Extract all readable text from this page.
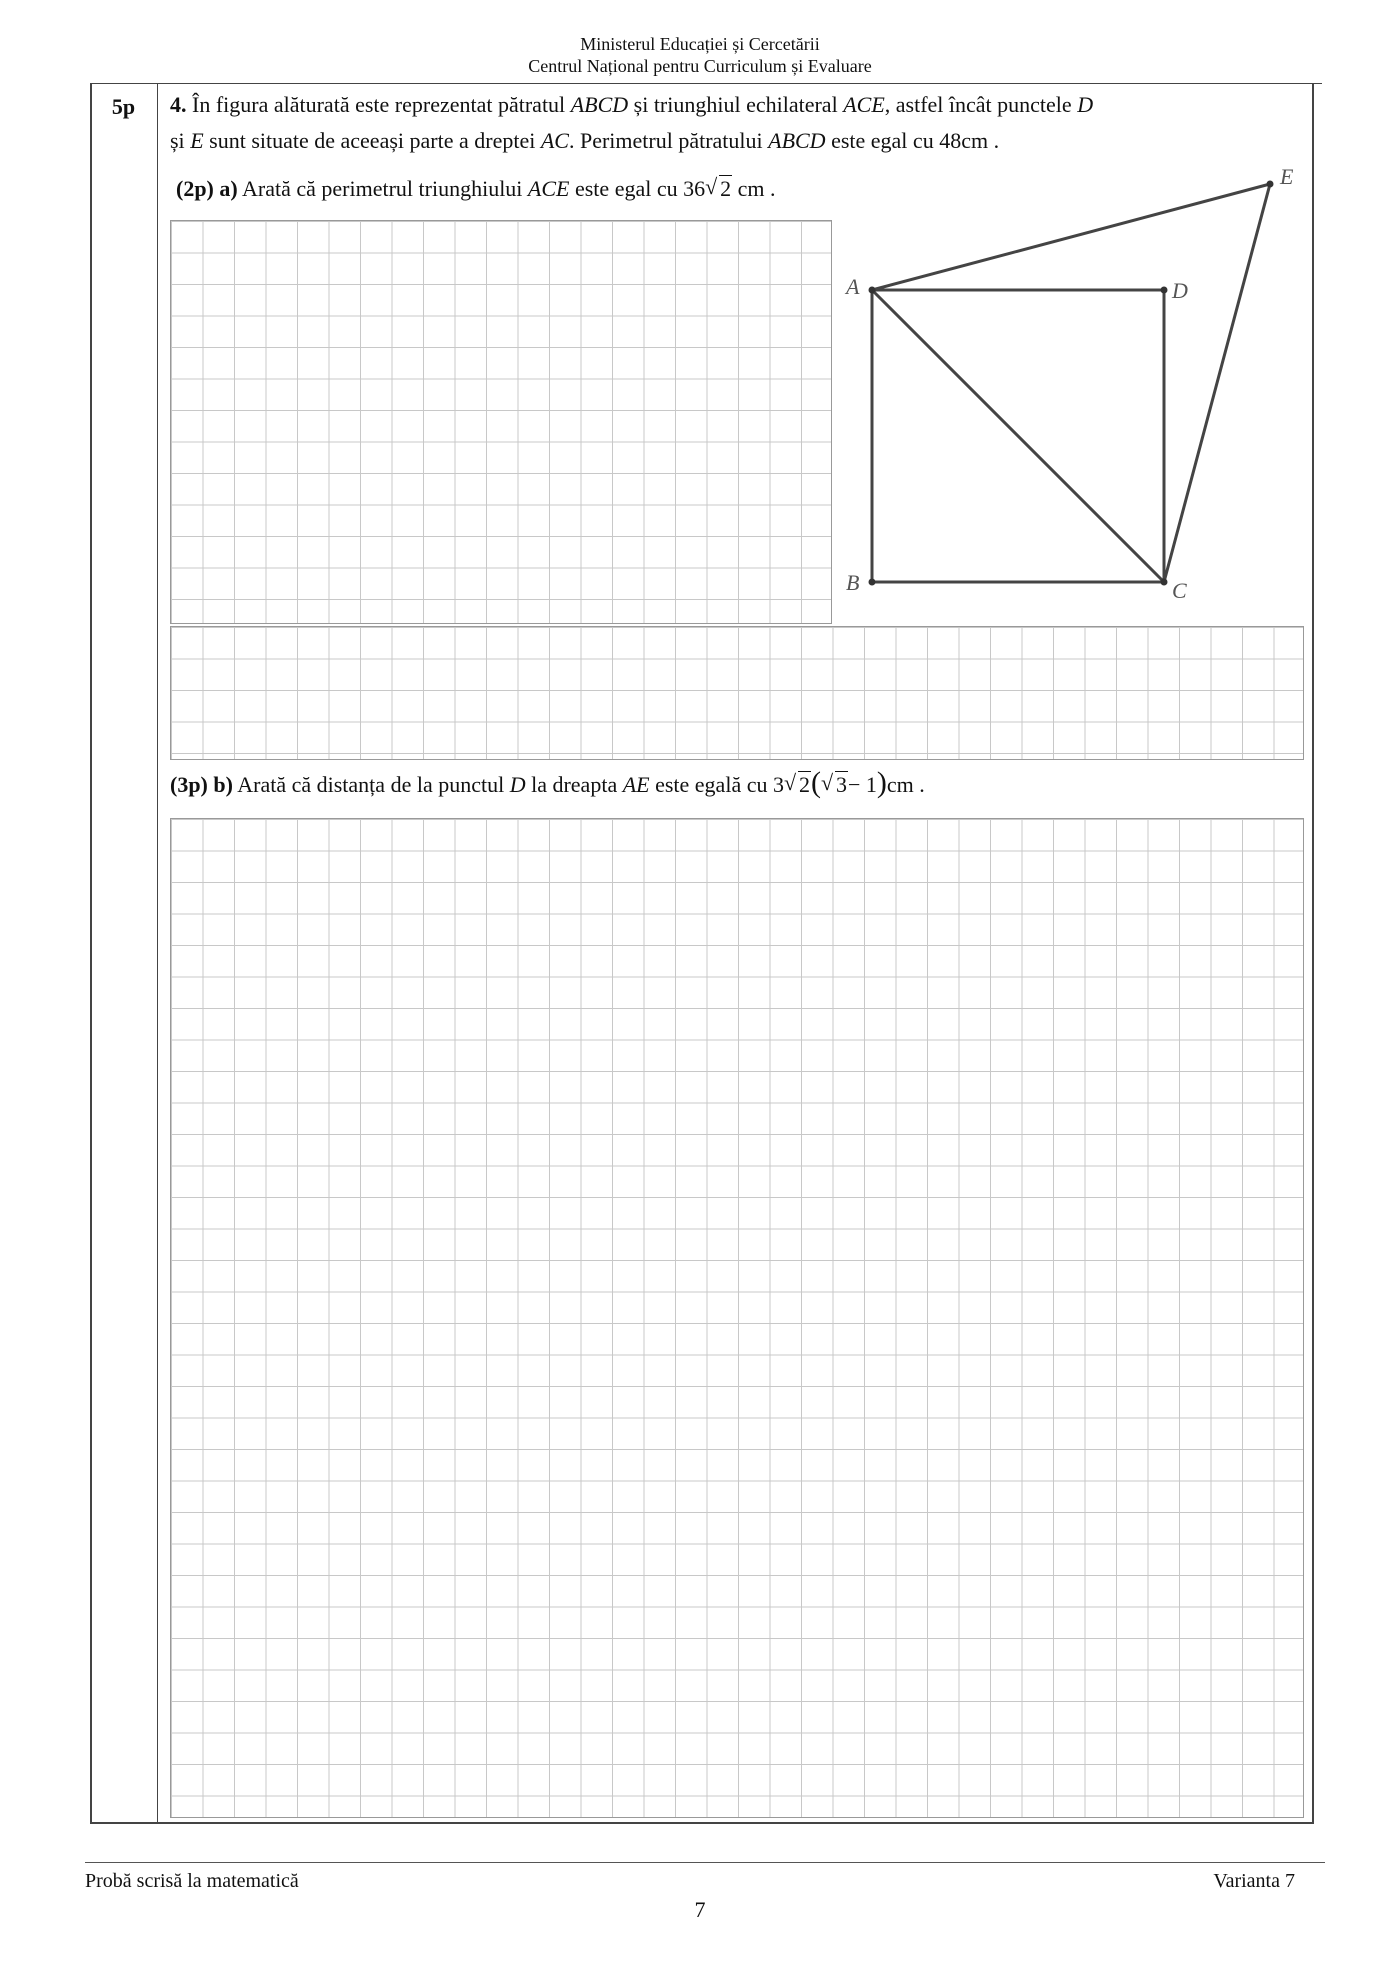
Ministerul Educației și Cercetării
Centrul Național pentru Curriculum și Evaluare
5p	4. În figura alăturată este reprezentat pătratul ABCD și triunghiul echilateral ACE, astfel încât punctele D
și E sunt situate de aceeași parte a dreptei AC. Perimetrul pătratului ABCD este egal cu 48cm .
(2p) a) Arată că perimetrul triunghiului ACE este egal cu 36 √ 2 cm .
A	D
B	C
E
(3p) b) Arată că distanța de la punctul D la dreapta AE este egală cu 3 √ 2( √ 3− 1)cm .
Probă scrisă la matematică	Varianta 7
7
